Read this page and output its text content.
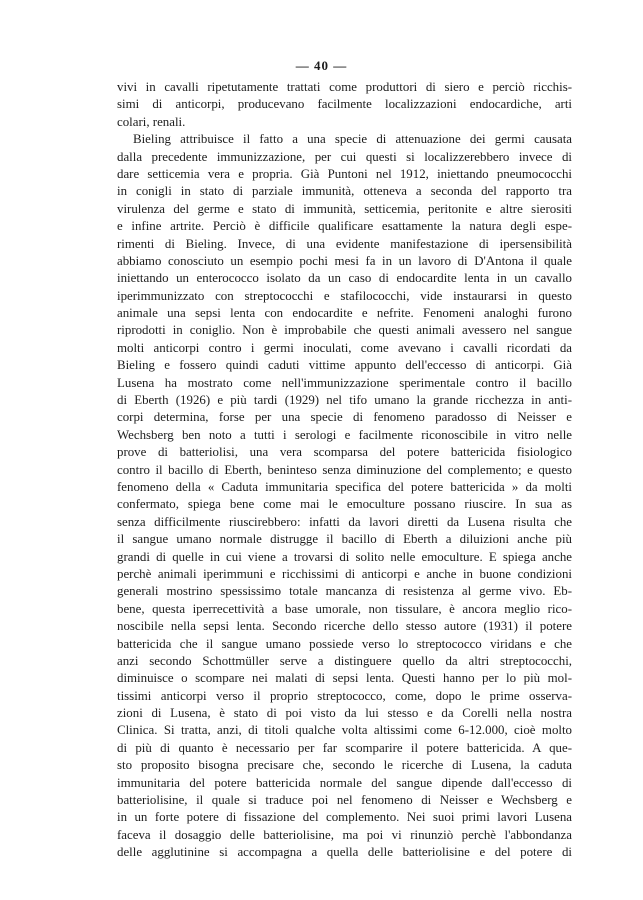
— 40 —
vivi in cavalli ripetutamente trattati come produttori di siero e perciò ricchis-
simi di anticorpi, producevano facilmente localizzazioni endocardiche, arti
colari, renali.
Bieling attribuisce il fatto a una specie di attenuazione dei germi causata
dalla precedente immunizzazione, per cui questi si localizzerebbero invece di
dare setticemia vera e propria. Già Puntoni nel 1912, iniettando pneumococchi
in conigli in stato di parziale immunità, otteneva a seconda del rapporto tra
virulenza del germe e stato di immunità, setticemia, peritonite e altre sierositi
e infine artrite. Perciò è difficile qualificare esattamente la natura degli espe-
rimenti di Bieling. Invece, di una evidente manifestazione di ipersensibilità
abbiamo conosciuto un esempio pochi mesi fa in un lavoro di D'Antona il quale
iniettando un enterococco isolato da un caso di endocardite lenta in un cavallo
iperimmunizzato con streptococchi e stafilococchi, vide instaurarsi in questo
animale una sepsi lenta con endocardite e nefrite. Fenomeni analoghi furono
riprodotti in coniglio. Non è improbabile che questi animali avessero nel sangue
molti anticorpi contro i germi inoculati, come avevano i cavalli ricordati da
Bieling e fossero quindi caduti vittime appunto dell'eccesso di anticorpi. Già
Lusena ha mostrato come nell'immunizzazione sperimentale contro il bacillo
di Eberth (1926) e più tardi (1929) nel tifo umano la grande ricchezza in anti-
corpi determina, forse per una specie di fenomeno paradosso di Neisser e
Wechsberg ben noto a tutti i serologi e facilmente riconoscibile in vitro nelle
prove di batteriolisi, una vera scomparsa del potere battericida fisiologico
contro il bacillo di Eberth, beninteso senza diminuzione del complemento; e questo
fenomeno della « Caduta immunitaria specifica del potere battericida » da molti
confermato, spiega bene come mai le emoculture possano riuscire. In sua as
senza difficilmente riuscirebbero: infatti da lavori diretti da Lusena risulta che
il sangue umano normale distrugge il bacillo di Eberth a diluizioni anche più
grandi di quelle in cui viene a trovarsi di solito nelle emoculture. E spiega anche
perchè animali iperimmuni e ricchissimi di anticorpi e anche in buone condizioni
generali mostrino spessissimo totale mancanza di resistenza al germe vivo. Eb-
bene, questa iperrecettività a base umorale, non tissulare, è ancora meglio rico-
noscibile nella sepsi lenta. Secondo ricerche dello stesso autore (1931) il potere
battericida che il sangue umano possiede verso lo streptococco viridans e che
anzi secondo Schottmüller serve a distinguere quello da altri streptococchi,
diminuisce o scompare nei malati di sepsi lenta. Questi hanno per lo più mol-
tissimi anticorpi verso il proprio streptococco, come, dopo le prime osserva-
zioni di Lusena, è stato di poi visto da lui stesso e da Corelli nella nostra
Clinica. Si tratta, anzi, di titoli qualche volta altissimi come 6-12.000, cioè molto
di più di quanto è necessario per far scomparire il potere battericida. A que-
sto proposito bisogna precisare che, secondo le ricerche di Lusena, la caduta
immunitaria del potere battericida normale del sangue dipende dall'eccesso di
batteriolisine, il quale si traduce poi nel fenomeno di Neisser e Wechsberg e
in un forte potere di fissazione del complemento. Nei suoi primi lavori Lusena
faceva il dosaggio delle batteriolisine, ma poi vi rinunziò perchè l'abbondanza
delle agglutinine si accompagna a quella delle batteriolisine e del potere di
